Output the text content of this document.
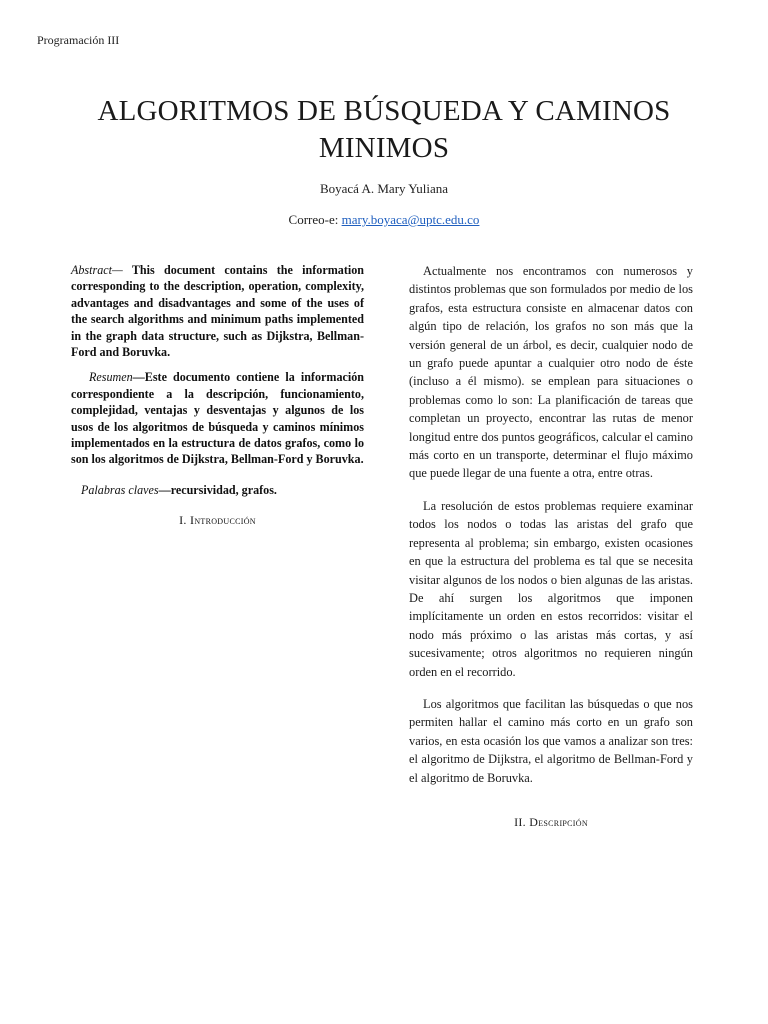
Programación III
ALGORITMOS DE BÚSQUEDA Y CAMINOS MINIMOS
Boyacá A. Mary Yuliana
Correo-e: mary.boyaca@uptc.edu.co

Abstract— This document contains the information corresponding to the description, operation, complexity, advantages and disadvantages and some of the uses of the search algorithms and minimum paths implemented in the graph data structure, such as Dijkstra, Bellman-Ford and Boruvka.

Resumen—Este documento contiene la información correspondiente a la descripción, funcionamiento, complejidad, ventajas y desventajas y algunos de los usos de los algoritmos de búsqueda y caminos mínimos implementados en la estructura de datos grafos, como lo son los algoritmos de Dijkstra, Bellman-Ford y Boruvka.

Palabras claves—recursividad, grafos.

I. Introducción

Actualmente nos encontramos con numerosos y distintos problemas que son formulados por medio de los grafos, esta estructura consiste en almacenar datos con algún tipo de relación, los grafos no son más que la versión general de un árbol, es decir, cualquier nodo de un grafo puede apuntar a cualquier otro nodo de éste (incluso a él mismo). se emplean para situaciones o problemas como lo son: La planificación de tareas que completan un proyecto, encontrar las rutas de menor longitud entre dos puntos geográficos, calcular el camino más corto en un transporte, determinar el flujo máximo que puede llegar de una fuente a otra, entre otras.

La resolución de estos problemas requiere examinar todos los nodos o todas las aristas del grafo que representa al problema; sin embargo, existen ocasiones en que la estructura del problema es tal que se necesita visitar algunos de los nodos o bien algunas de las aristas. De ahí surgen los algoritmos que imponen implícitamente un orden en estos recorridos: visitar el nodo más próximo o las aristas más cortas, y así sucesivamente; otros algoritmos no requieren ningún orden en el recorrido.

Los algoritmos que facilitan las búsquedas o que nos permiten hallar el camino más corto en un grafo son varios, en esta ocasión los que vamos a analizar son tres: el algoritmo de Dijkstra, el algoritmo de Bellman-Ford y el algoritmo de Boruvka.

II. Descripción
